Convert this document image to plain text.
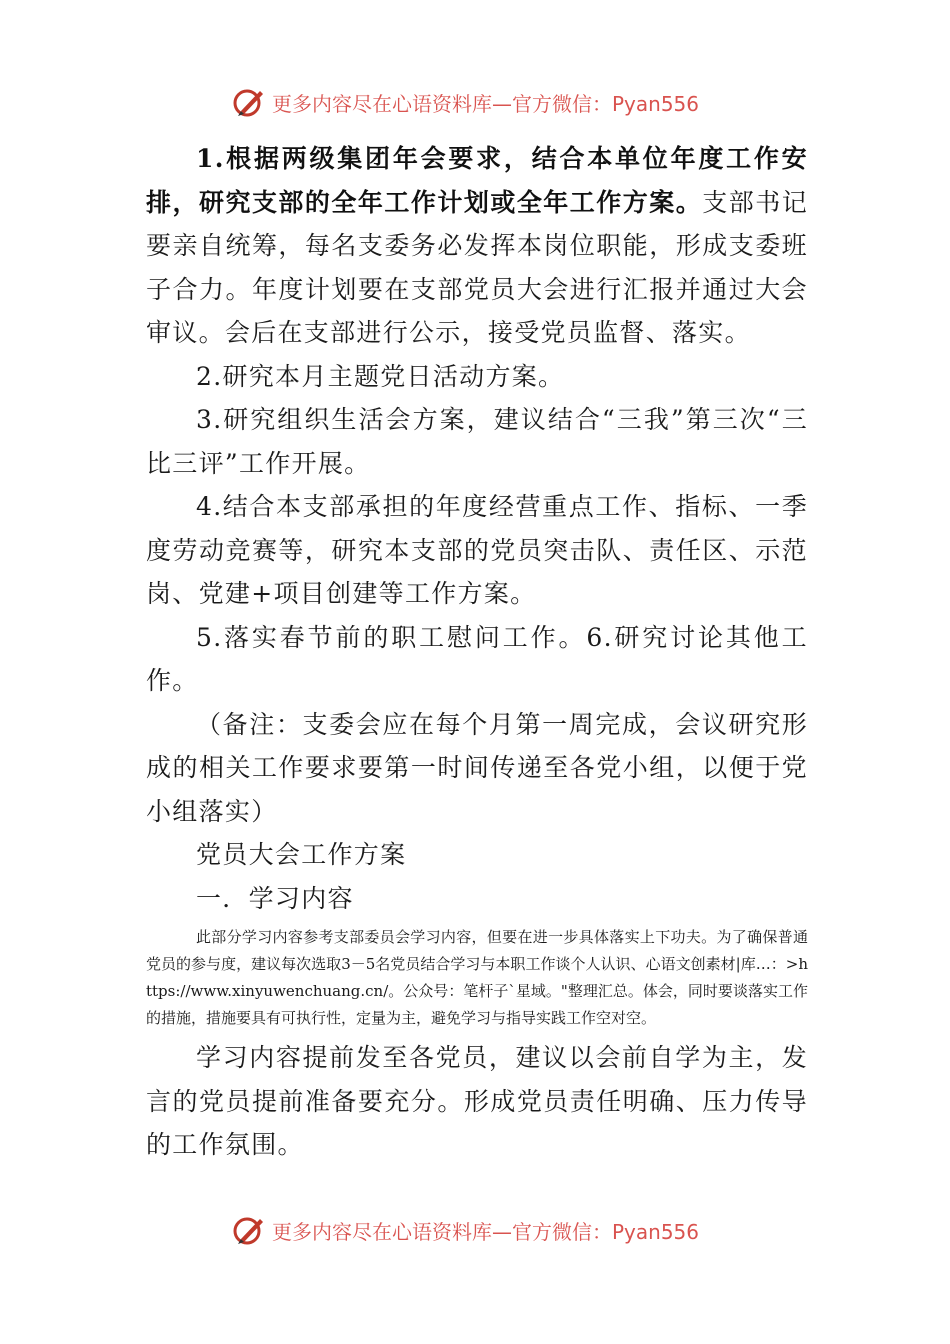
更多内容尽在心语资料库—官方微信：Pyan556

1.根据两级集团年会要求，结合本单位年度工作安排，研究支部的全年工作计划或全年工作方案。支部书记要亲自统筹，每名支委务必发挥本岗位职能，形成支委班子合力。年度计划要在支部党员大会进行汇报并通过大会审议。会后在支部进行公示，接受党员监督、落实。

2.研究本月主题党日活动方案。

3.研究组织生活会方案，建议结合“三我”第三次“三比三评”工作开展。

4.结合本支部承担的年度经营重点工作、指标、一季度劳动竞赛等，研究本支部的党员突击队、责任区、示范岗、党建+项目创建等工作方案。

5.落实春节前的职工慰问工作。6.研究讨论其他工作。

（备注：支委会应在每个月第一周完成，会议研究形成的相关工作要求要第一时间传递至各党小组，以便于党小组落实）

党员大会工作方案

一．学习内容

此部分学习内容参考支部委员会学习内容，但要在进一步具体落实上下功夫。为了确保普通党员的参与度，建议每次选取3－5名党员结合学习与本职工作谈个人认识、心语文创素材|库…：>https://www.xinyuwenchuang.cn/。公众号：笔杆子`星域。"整理汇总。体会，同时要谈落实工作的措施，措施要具有可执行性，定量为主，避免学习与指导实践工作空对空。

学习内容提前发至各党员，建议以会前自学为主，发言的党员提前准备要充分。形成党员责任明确、压力传导的工作氛围。

更多内容尽在心语资料库—官方微信：Pyan556
